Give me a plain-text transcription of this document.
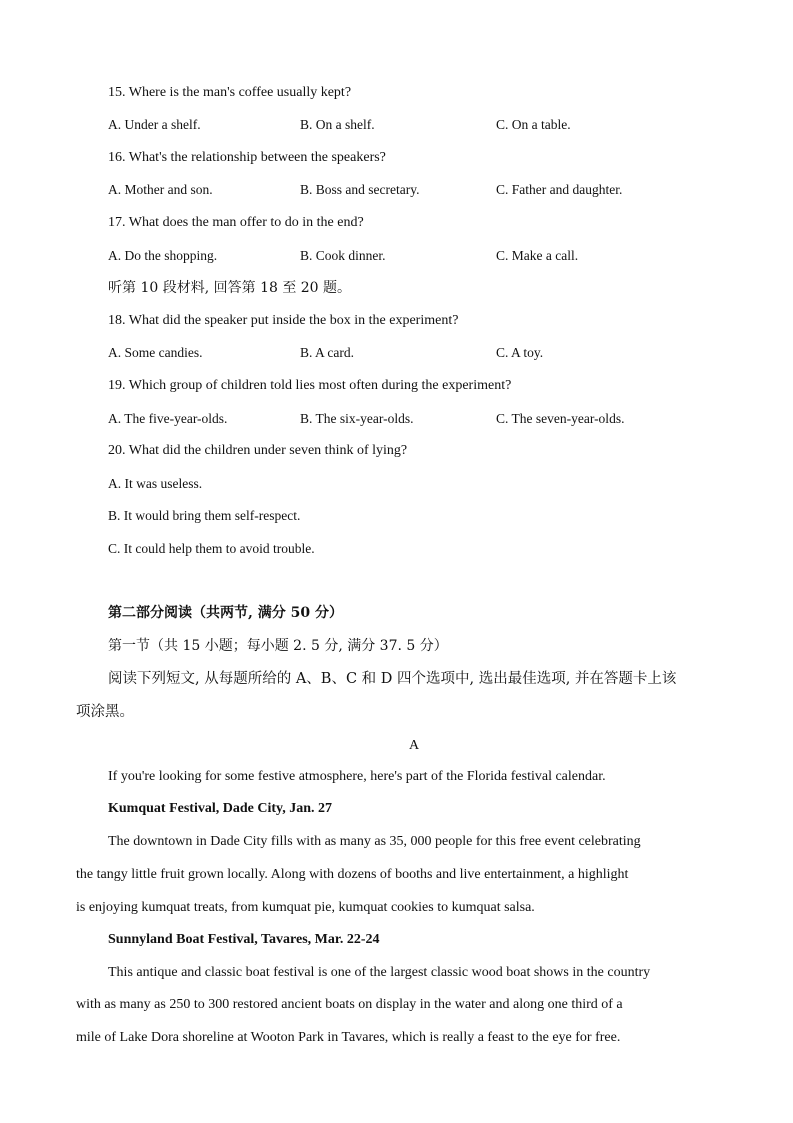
15. Where is the man's coffee usually kept?
A. Under a shelf.	B. On a shelf.	C. On a table.
16. What's the relationship between the speakers?
A. Mother and son.	B. Boss and secretary.	C. Father and daughter.
17. What does the man offer to do in the end?
A. Do the shopping.	B. Cook dinner.	C. Make a call.
听第 10 段材料, 回答第 18 至 20 题。
18. What did the speaker put inside the box in the experiment?
A. Some candies.	B. A card.	C. A toy.
19. Which group of children told lies most often during the experiment?
A. The five-year-olds.	B. The six-year-olds.	C. The seven-year-olds.
20. What did the children under seven think of lying?
A. It was useless.
B. It would bring them self-respect.
C. It could help them to avoid trouble.
第二部分阅读（共两节, 满分 50 分）
第一节（共 15 小题；每小题 2. 5 分, 满分 37. 5 分）
阅读下列短文, 从每题所给的 A、B、C 和 D 四个选项中, 选出最佳选项, 并在答题卡上该
项涂黑。
A
If you're looking for some festive atmosphere, here's part of the Florida festival calendar.
Kumquat Festival, Dade City, Jan. 27
The downtown in Dade City fills with as many as 35, 000 people for this free event celebrating
the tangy little fruit grown locally. Along with dozens of booths and live entertainment, a highlight
is enjoying kumquat treats, from kumquat pie, kumquat cookies to kumquat salsa.
Sunnyland Boat Festival, Tavares, Mar. 22-24
This antique and classic boat festival is one of the largest classic wood boat shows in the country
with as many as 250 to 300 restored ancient boats on display in the water and along one third of a
mile of Lake Dora shoreline at Wooton Park in Tavares, which is really a feast to the eye for free.
